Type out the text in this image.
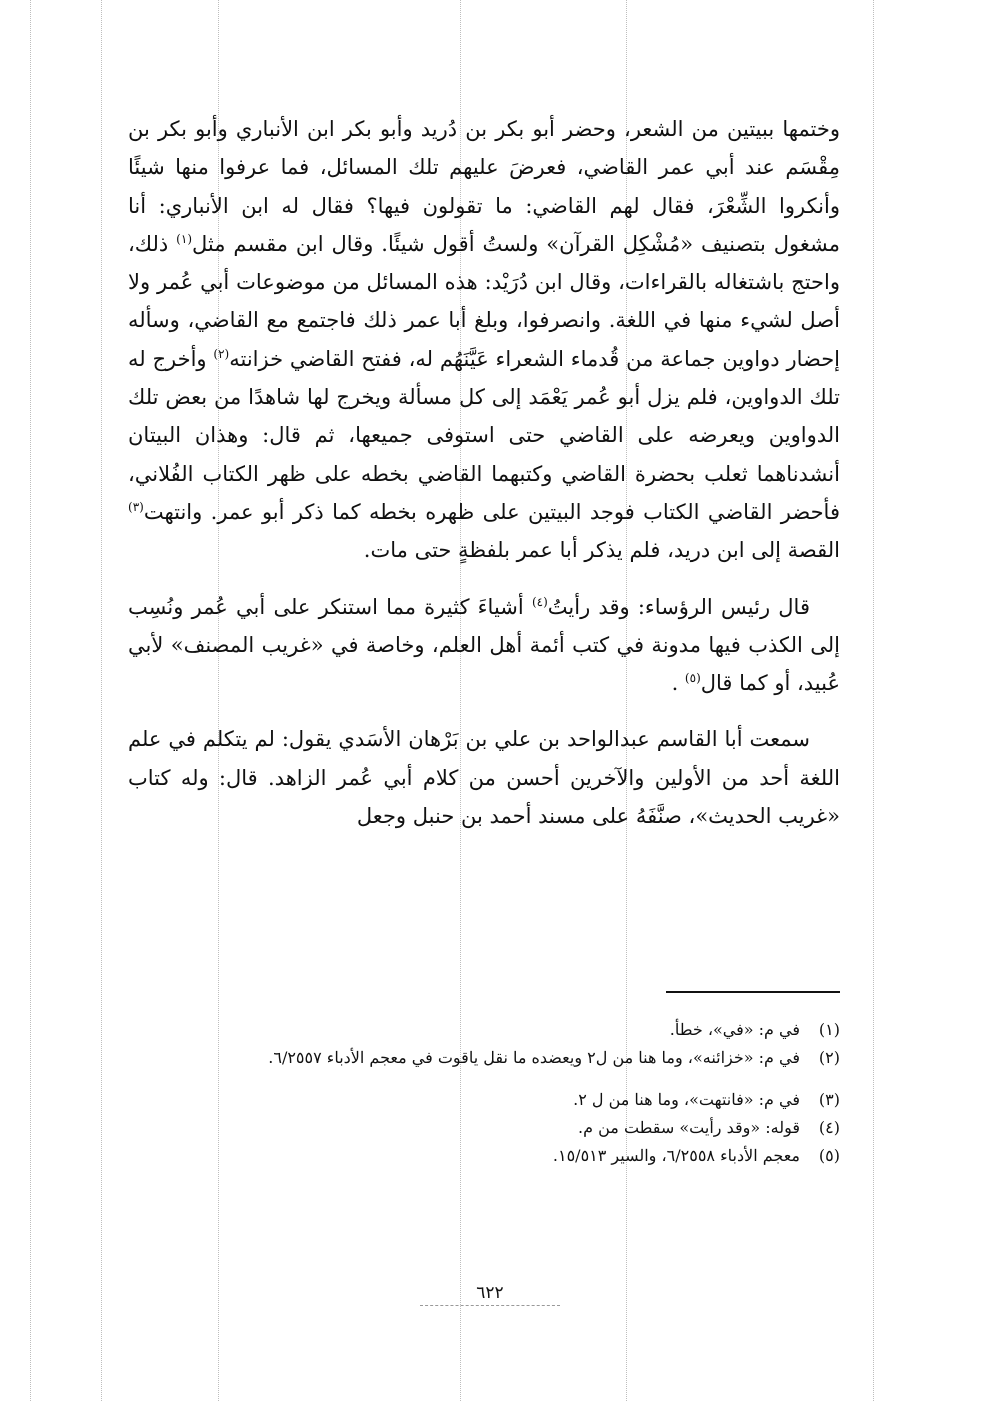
وختمها ببيتين من الشعر، وحضر أبو بكر بن دُريد وأبو بكر ابن الأنباري وأبو بكر بن مِقْسَم عند أبي عمر القاضي، فعرضَ عليهم تلك المسائل، فما عرفوا منها شيئًا وأنكروا الشِّعْرَ، فقال لهم القاضي: ما تقولون فيها؟ فقال له ابن الأنباري: أنا مشغول بتصنيف «مُشْكِل القرآن» ولستُ أقول شيئًا. وقال ابن مقسم مثل$^{(١)}$ ذلك، واحتج باشتغاله بالقراءات، وقال ابن دُرَيْد: هذه المسائل من موضوعات أبي عُمر ولا أصل لشيء منها في اللغة. وانصرفوا، وبلغ أبا عمر ذلك فاجتمع مع القاضي، وسأله إحضار دواوين جماعة من قُدماء الشعراء عَيَّنَهُم له، ففتح القاضي خزانته$^{(٢)}$ وأخرج له تلك الدواوين، فلم يزل أبو عُمر يَعْمَد إلى كل مسألة ويخرج لها شاهدًا من بعض تلك الدواوين ويعرضه على القاضي حتى استوفى جميعها، ثم قال: وهذان البيتان أنشدناهما ثعلب بحضرة القاضي وكتبهما القاضي بخطه على ظهر الكتاب الفُلاني، فأحضر القاضي الكتاب فوجد البيتين على ظهره بخطه كما ذكر أبو عمر. وانتهت$^{(٣)}$ القصة إلى ابن دريد، فلم يذكر أبا عمر بلفظةٍ حتى مات.

قال رئيس الرؤساء: وقد رأيتُ$^{(٤)}$ أشياءَ كثيرة مما استنكر على أبي عُمر ونُسِب إلى الكذب فيها مدونة في كتب أئمة أهل العلم، وخاصة في «غريب المصنف» لأبي عُبيد، أو كما قال$^{(٥)}$ .

سمعت أبا القاسم عبدالواحد بن علي بن بَرْهان الأسَدي يقول: لم يتكلم في علم اللغة أحد من الأولين والآخرين أحسن من كلام أبي عُمر الزاهد. قال: وله كتاب «غريب الحديث»، صنَّفَهُ على مسند أحمد بن حنبل وجعل

(١)
في م: «في»، خطأ.
(٢)
في م: «خزائنه»، وما هنا من ل٢ ويعضده ما نقل ياقوت في معجم الأدباء ٦/٢٥٥٧.
(٣)
في م: «فانتهت»، وما هنا من ل ٢.
(٤)
قوله: «وقد رأيت» سقطت من م.
(٥)
معجم الأدباء ٦/٢٥٥٨، والسير ١٥/٥١٣.
٦٢٢
